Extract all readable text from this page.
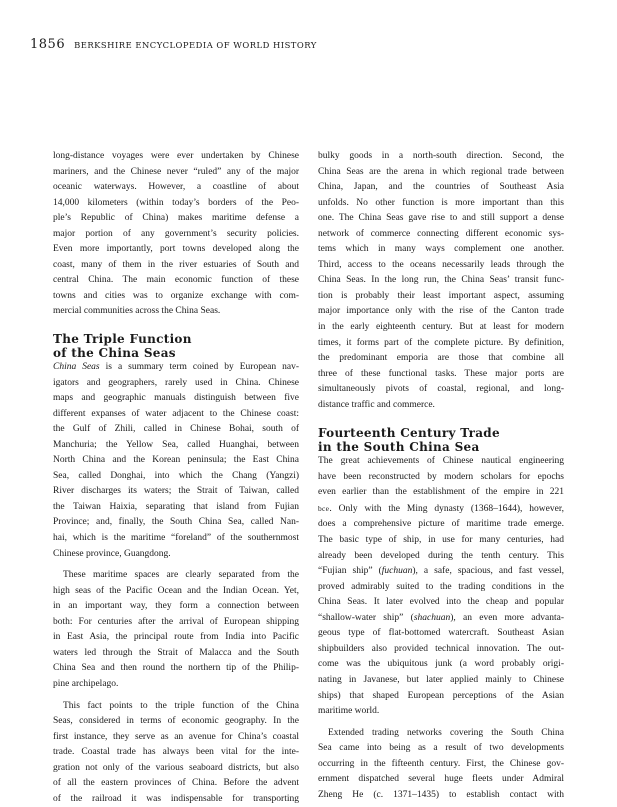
1856 BERKSHIRE ENCYCLOPEDIA OF WORLD HISTORY

long-distance voyages were ever undertaken by Chinese
mariners, and the Chinese never “ruled” any of the major
oceanic waterways. However, a coastline of about
14,000 kilometers (within today’s borders of the Peo-
ple’s Republic of China) makes maritime defense a
major portion of any government’s security policies.
Even more importantly, port towns developed along the
coast, many of them in the river estuaries of South and
central China. The main economic function of these
towns and cities was to organize exchange with com-
mercial communities across the China Seas.

The Triple Function
of the China Seas

China Seas is a summary term coined by European nav-
igators and geographers, rarely used in China. Chinese
maps and geographic manuals distinguish between five
different expanses of water adjacent to the Chinese coast:
the Gulf of Zhili, called in Chinese Bohai, south of
Manchuria; the Yellow Sea, called Huanghai, between
North China and the Korean peninsula; the East China
Sea, called Donghai, into which the Chang (Yangzi)
River discharges its waters; the Strait of Taiwan, called
the Taiwan Haixia, separating that island from Fujian
Province; and, finally, the South China Sea, called Nan-
hai, which is the maritime “foreland” of the southernmost
Chinese province, Guangdong.

These maritime spaces are clearly separated from the
high seas of the Pacific Ocean and the Indian Ocean. Yet,
in an important way, they form a connection between
both: For centuries after the arrival of European shipping
in East Asia, the principal route from India into Pacific
waters led through the Strait of Malacca and the South
China Sea and then round the northern tip of the Philip-
pine archipelago.

This fact points to the triple function of the China
Seas, considered in terms of economic geography. In the
first instance, they serve as an avenue for China’s coastal
trade. Coastal trade has always been vital for the inte-
gration not only of the various seaboard districts, but also
of all the eastern provinces of China. Before the advent
of the railroad it was indispensable for transporting

bulky goods in a north-south direction. Second, the
China Seas are the arena in which regional trade between
China, Japan, and the countries of Southeast Asia
unfolds. No other function is more important than this
one. The China Seas gave rise to and still support a dense
network of commerce connecting different economic sys-
tems which in many ways complement one another.
Third, access to the oceans necessarily leads through the
China Seas. In the long run, the China Seas’ transit func-
tion is probably their least important aspect, assuming
major importance only with the rise of the Canton trade
in the early eighteenth century. But at least for modern
times, it forms part of the complete picture. By definition,
the predominant emporia are those that combine all
three of these functional tasks. These major ports are
simultaneously pivots of coastal, regional, and long-
distance traffic and commerce.

Fourteenth Century Trade
in the South China Sea

The great achievements of Chinese nautical engineering
have been reconstructed by modern scholars for epochs
even earlier than the establishment of the empire in 221
bce. Only with the Ming dynasty (1368–1644), however,
does a comprehensive picture of maritime trade emerge.
The basic type of ship, in use for many centuries, had
already been developed during the tenth century. This
“Fujian ship” (fuchuan), a safe, spacious, and fast vessel,
proved admirably suited to the trading conditions in the
China Seas. It later evolved into the cheap and popular
“shallow-water ship” (shachuan), an even more advanta-
geous type of flat-bottomed watercraft. Southeast Asian
shipbuilders also provided technical innovation. The out-
come was the ubiquitous junk (a word probably origi-
nating in Javanese, but later applied mainly to Chinese
ships) that shaped European perceptions of the Asian
maritime world.

Extended trading networks covering the South China
Sea came into being as a result of two developments
occurring in the fifteenth century. First, the Chinese gov-
ernment dispatched several huge fleets under Admiral
Zheng He (c. 1371–1435) to establish contact with
